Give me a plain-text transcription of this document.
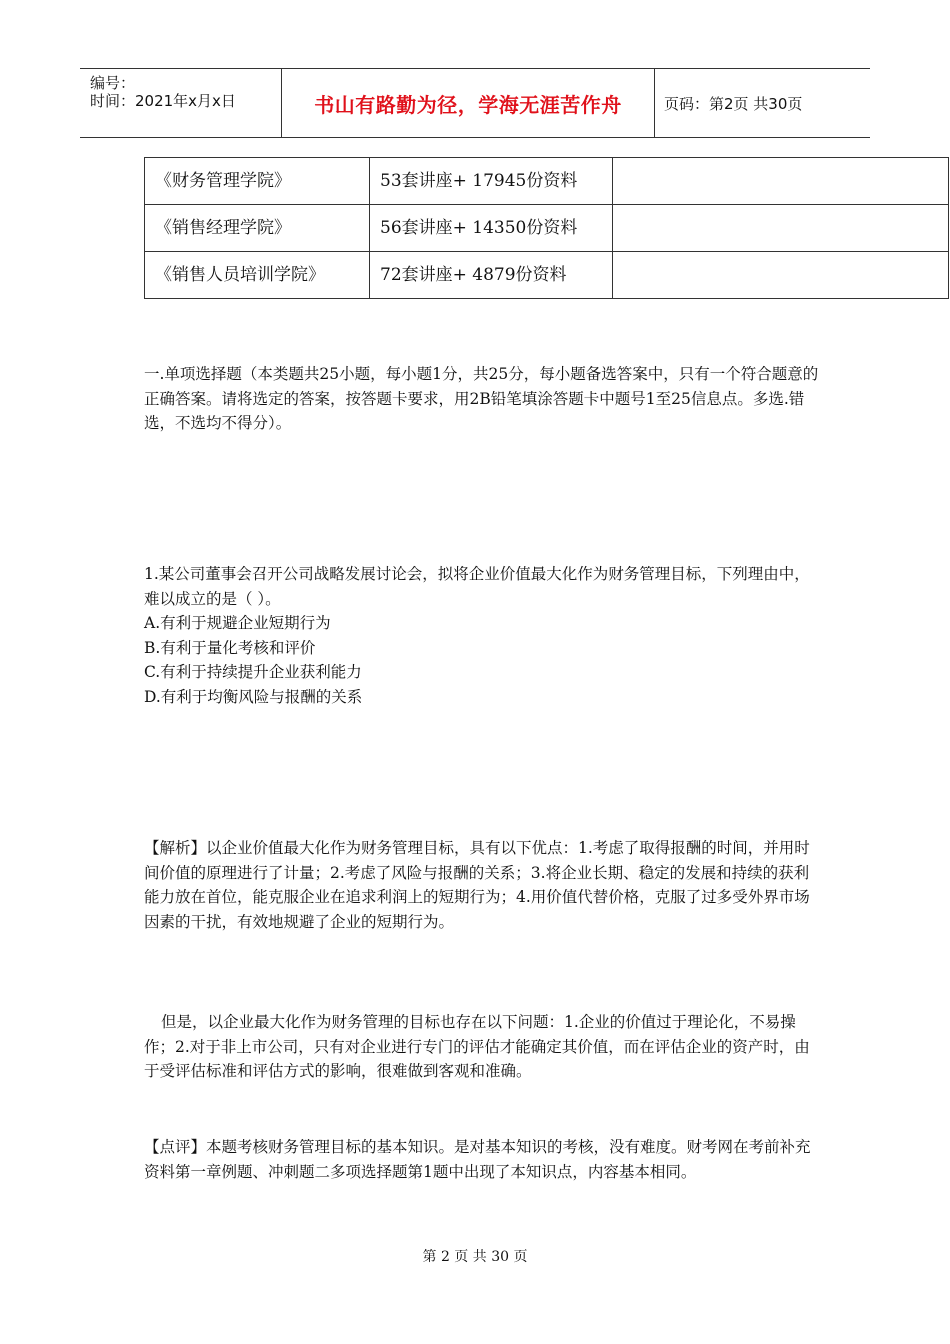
编号：
时间：2021年x月x日	书山有路勤为径，学海无涯苦作舟	页码：第2页 共30页
《财务管理学院》	53套讲座+ 17945份资料	
《销售经理学院》	56套讲座+ 14350份资料	
《销售人员培训学院》	72套讲座+ 4879份资料	

一.单项选择题（本类题共25小题，每小题1分，共25分，每小题备选答案中，只有一个符合题意的正确答案。请将选定的答案，按答题卡要求，用2B铅笔填涂答题卡中题号1至25信息点。多选.错选，不选均不得分）。

1.某公司董事会召开公司战略发展讨论会，拟将企业价值最大化作为财务管理目标，下列理由中，难以成立的是（ ）。
A.有利于规避企业短期行为
B.有利于量化考核和评价
C.有利于持续提升企业获利能力
D.有利于均衡风险与报酬的关系

【解析】以企业价值最大化作为财务管理目标，具有以下优点：1.考虑了取得报酬的时间，并用时间价值的原理进行了计量；2.考虑了风险与报酬的关系；3.将企业长期、稳定的发展和持续的获利能力放在首位，能克服企业在追求利润上的短期行为；4.用价值代替价格，克服了过多受外界市场因素的干扰，有效地规避了企业的短期行为。

但是，以企业最大化作为财务管理的目标也存在以下问题：1.企业的价值过于理论化，不易操作；2.对于非上市公司，只有对企业进行专门的评估才能确定其价值，而在评估企业的资产时，由于受评估标准和评估方式的影响，很难做到客观和准确。

【点评】本题考核财务管理目标的基本知识。是对基本知识的考核，没有难度。财考网在考前补充资料第一章例题、冲刺题二多项选择题第1题中出现了本知识点，内容基本相同。

第 2 页 共 30 页
